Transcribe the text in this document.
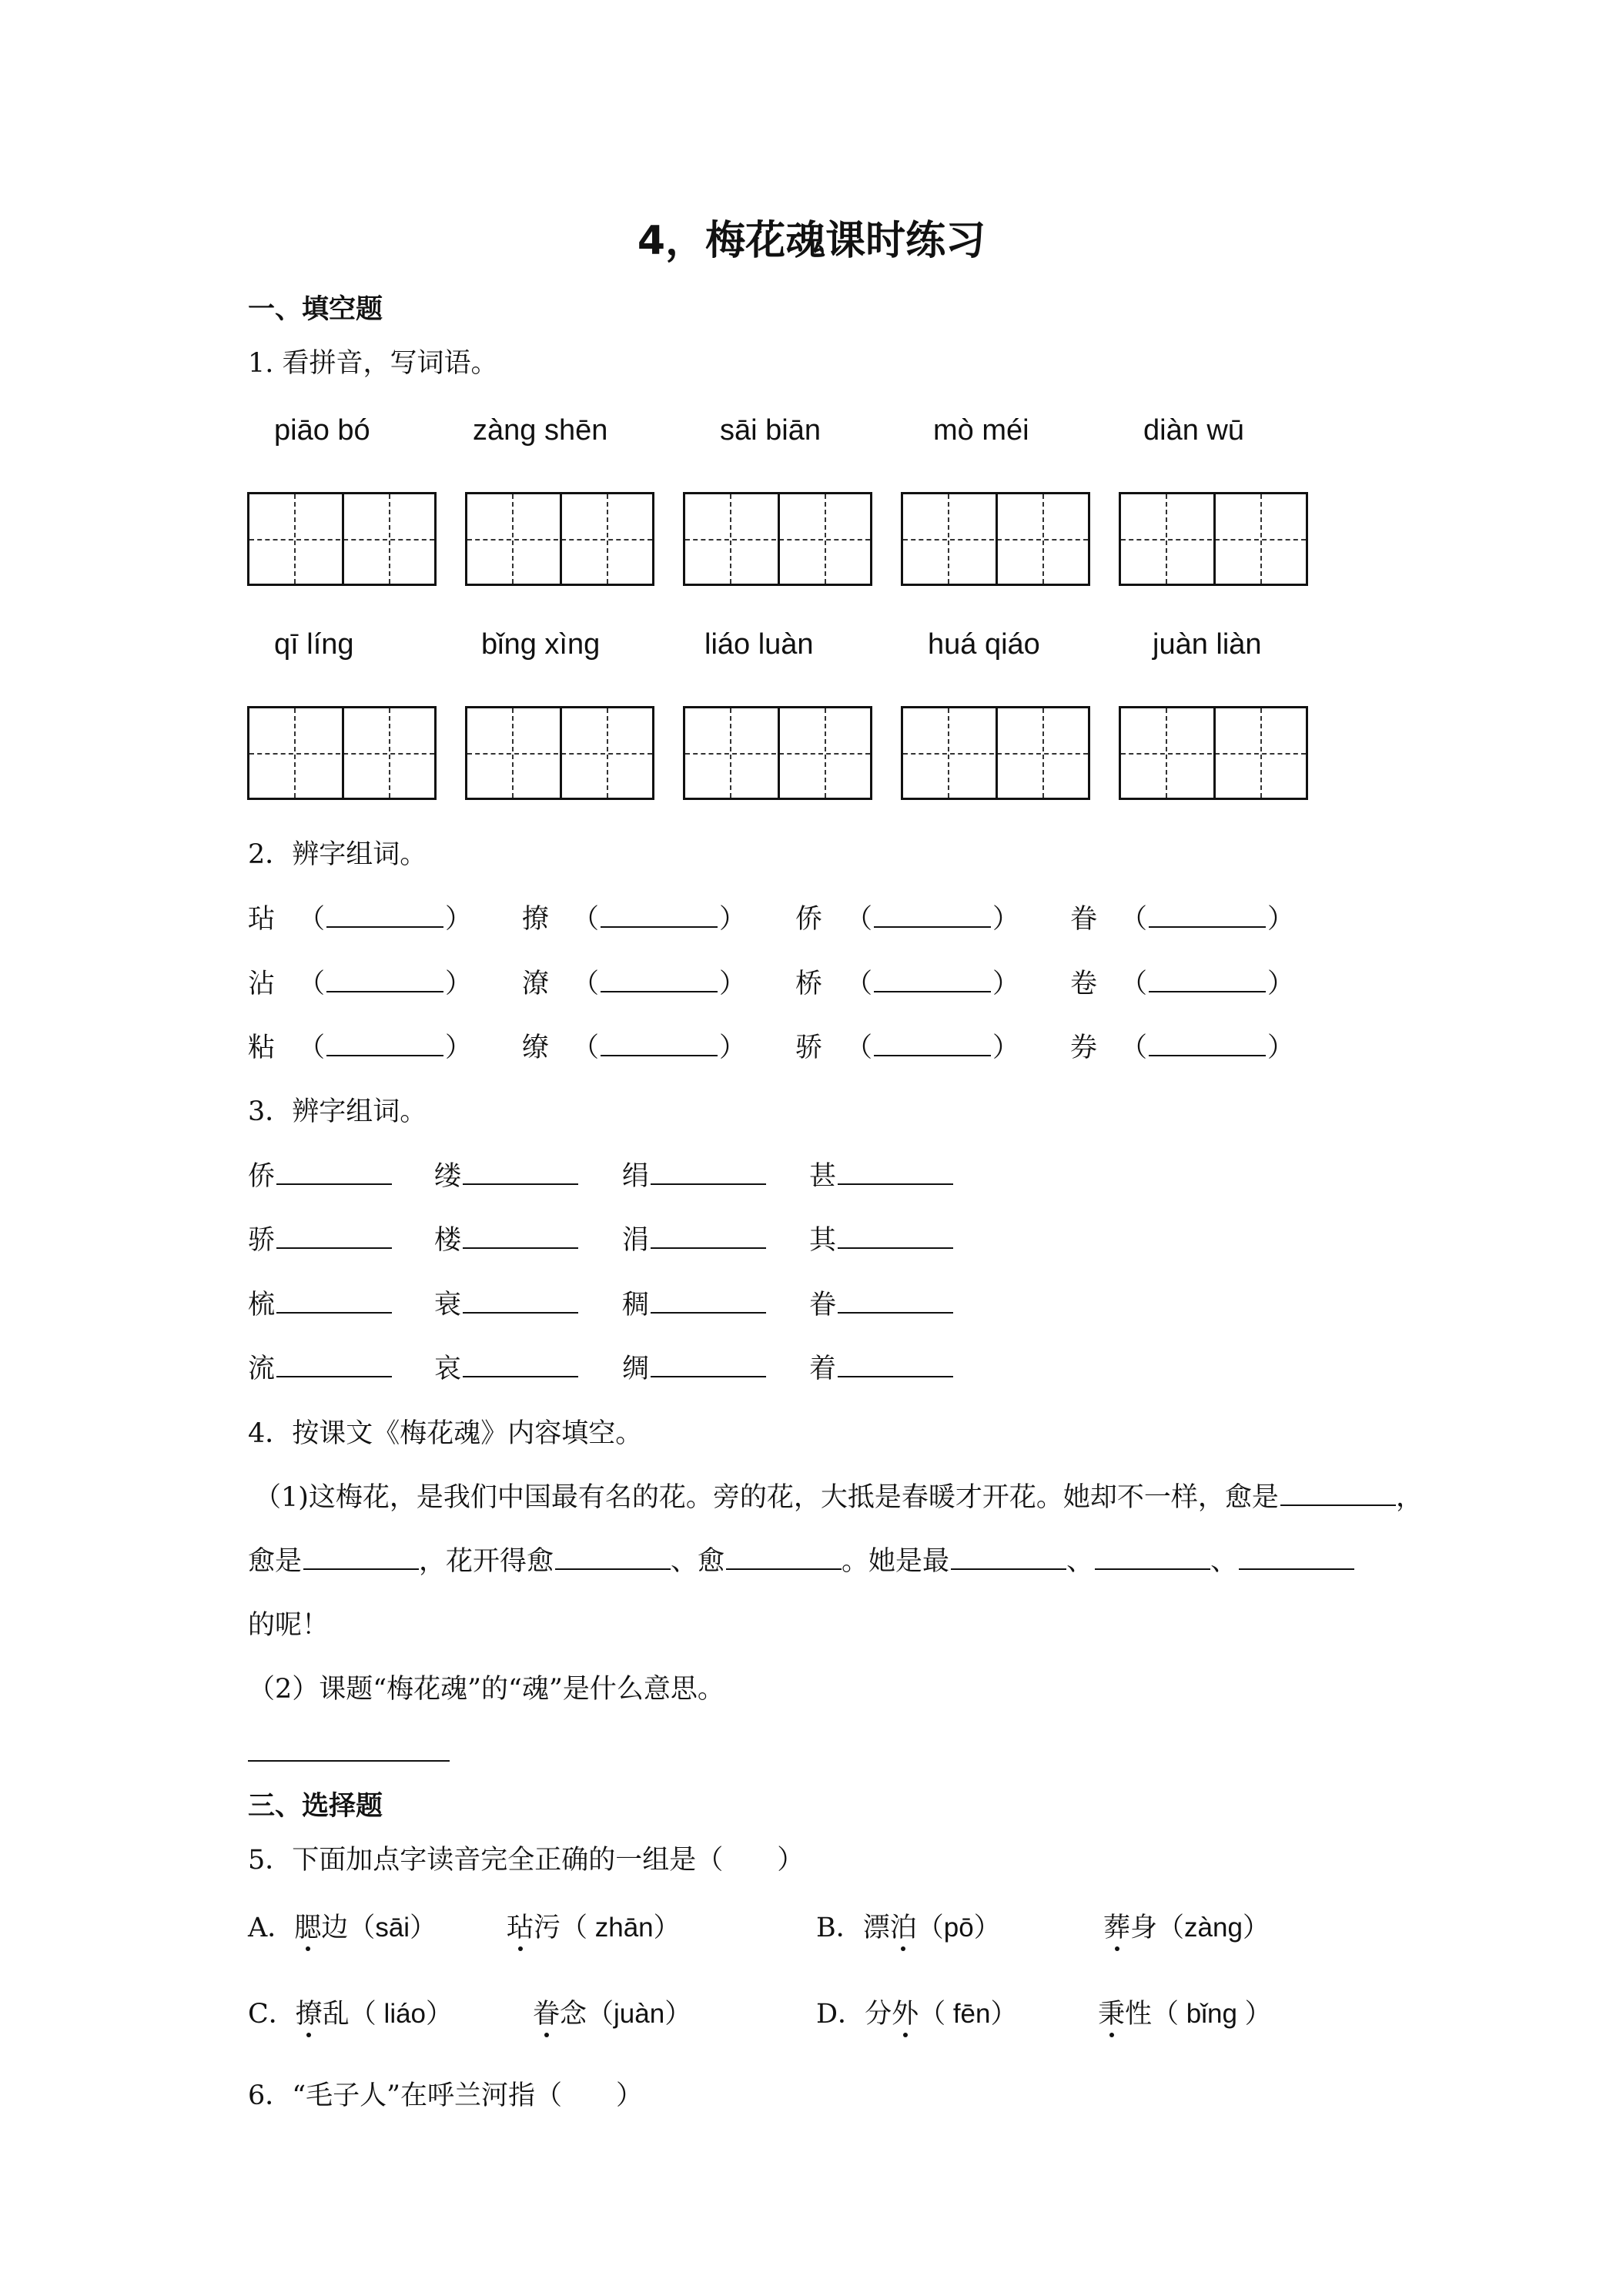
4，梅花魂课时练习
一、填空题
1. 看拼音，写词语。
piāo bó	zàng shēn	sāi biān	mò méi	diàn wū
qī líng	bǐng xìng	liáo luàn	huá qiáo	juàn liàn
2．辨字组词。
玷 （	） 撩 （	） 侨 （	） 眷 （	）
沾 （	） 潦 （	） 桥 （	） 卷 （	）
粘 （	） 缭 （	） 骄 （	） 券 （	）
3．辨字组词。
侨	缕	绢	甚
骄	楼	涓	其
梳	衰	稠	眷
流	哀	绸	着
4．按课文《梅花魂》内容填空。
（1)这梅花，是我们中国最有名的花。旁的花，大抵是春暖才开花。她却不一样，愈是	，
愈是	，花开得愈	、愈	。她是最	、	、
的呢！
（2）课题“梅花魂”的“魂”是什么意思。
三、选择题
5．下面加点字读音完全正确的一组是（　　）
A．腮边（sāi）	玷污（ zhān）	B．漂泊（pō）	葬身（zàng）
C．撩乱（ liáo）	眷念（juàn）	D．分外（ fēn）	秉性（ bǐng ）
6．“毛子人”在呼兰河指（　　）
